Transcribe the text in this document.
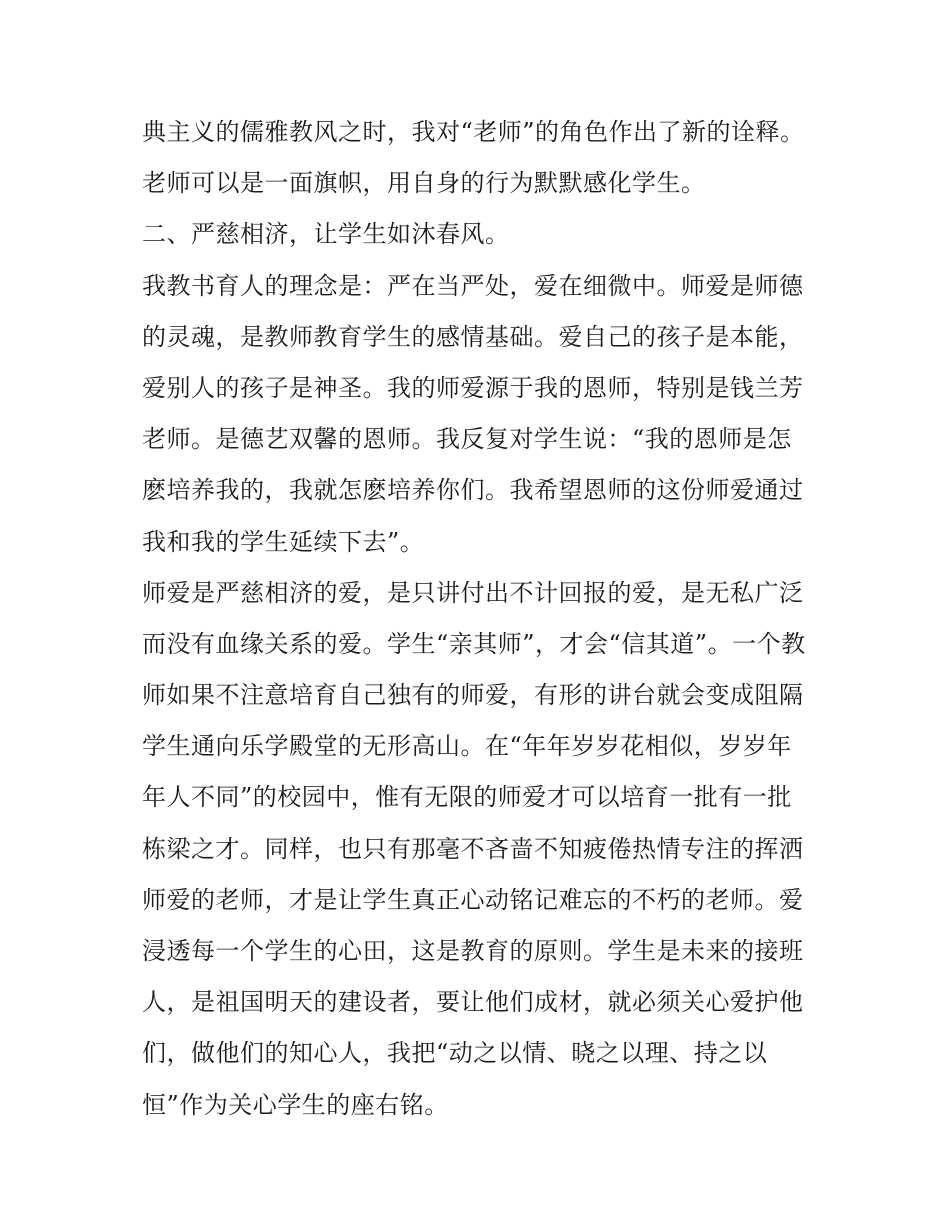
典主义的儒雅教风之时，我对“老师”的角色作出了新的诠释。
老师可以是一面旗帜，用自身的行为默默感化学生。
二、严慈相济，让学生如沐春风。
我教书育人的理念是：严在当严处，爱在细微中。师爱是师德
的灵魂，是教师教育学生的感情基础。爱自己的孩子是本能，
爱别人的孩子是神圣。我的师爱源于我的恩师，特别是钱兰芳
老师。是德艺双馨的恩师。我反复对学生说：“我的恩师是怎
麽培养我的，我就怎麽培养你们。我希望恩师的这份师爱通过
我和我的学生延续下去”。
师爱是严慈相济的爱，是只讲付出不计回报的爱，是无私广泛
而没有血缘关系的爱。学生“亲其师”，才会“信其道”。一个教
师如果不注意培育自己独有的师爱，有形的讲台就会变成阻隔
学生通向乐学殿堂的无形高山。在“年年岁岁花相似，岁岁年
年人不同”的校园中，惟有无限的师爱才可以培育一批有一批
栋梁之才。同样，也只有那毫不吝啬不知疲倦热情专注的挥洒
师爱的老师，才是让学生真正心动铭记难忘的不朽的老师。爱
浸透每一个学生的心田，这是教育的原则。学生是未来的接班
人，是祖国明天的建设者，要让他们成材，就必须关心爱护他
们，做他们的知心人，我把“动之以情、晓之以理、持之以
恒”作为关心学生的座右铭。
